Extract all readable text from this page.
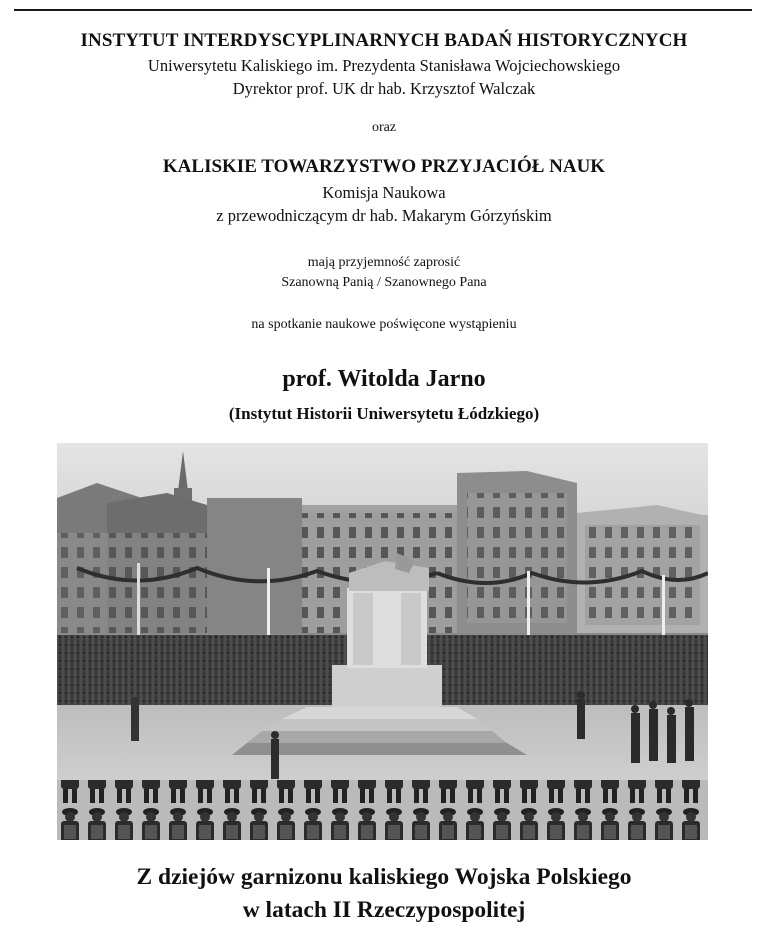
INSTYTUT INTERDYSCYPLINARNYCH BADAŃ HISTORYCZNYCH

Uniwersytetu Kaliskiego im. Prezydenta Stanisława Wojciechowskiego

Dyrektor prof. UK dr hab. Krzysztof Walczak

oraz

KALISKIE TOWARZYSTWO PRZYJACIÓŁ NAUK

Komisja Naukowa

z przewodniczącym dr hab. Makarym Górzyńskim

mają przyjemność zaprosić

Szanowną Panią / Szanownego Pana

na spotkanie naukowe poświęcone wystąpieniu

prof. Witolda Jarno

(Instytut Historii Uniwersytetu Łódzkiego)

Z dziejów garnizonu kaliskiego Wojska Polskiego

w latach II Rzeczypospolitej
